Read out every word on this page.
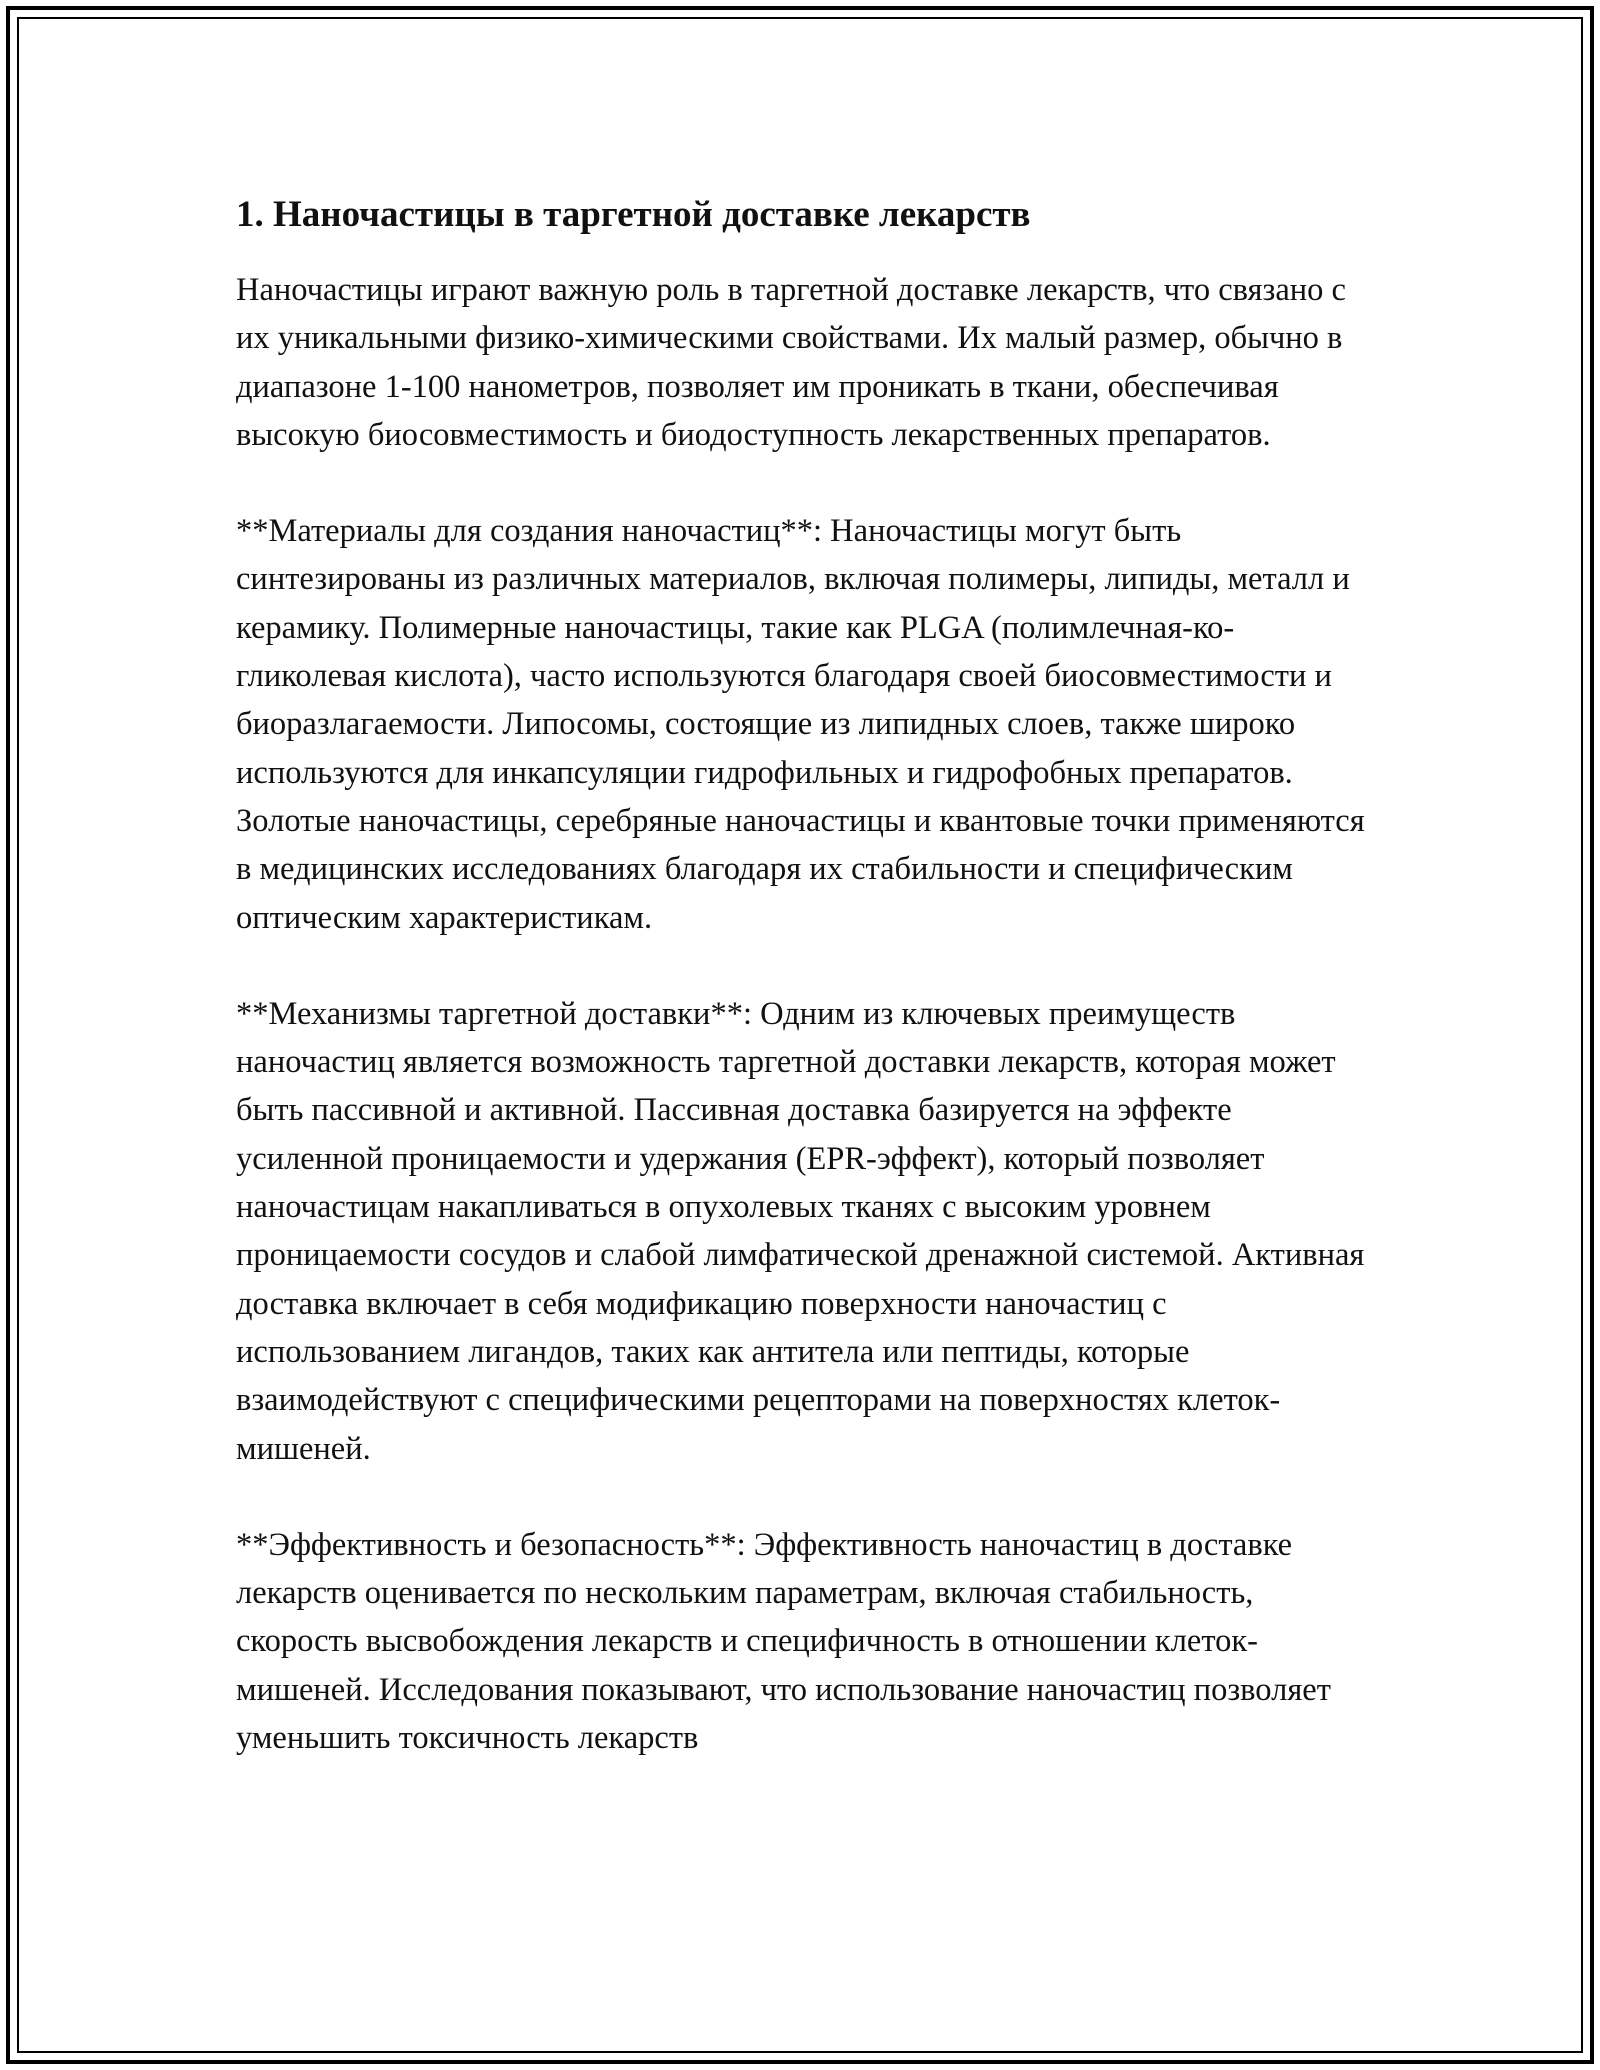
1. Наночастицы в таргетной доставке лекарств

Наночастицы играют важную роль в таргетной доставке лекарств, что связано с их уникальными физико-химическими свойствами. Их малый размер, обычно в диапазоне 1-100 нанометров, позволяет им проникать в ткани, обеспечивая высокую биосовместимость и биодоступность лекарственных препаратов.

**Материалы для создания наночастиц**: Наночастицы могут быть синтезированы из различных материалов, включая полимеры, липиды, металл и керамику. Полимерные наночастицы, такие как PLGA (полимлечная-ко-гликолевая кислота), часто используются благодаря своей биосовместимости и биоразлагаемости. Липосомы, состоящие из липидных слоев, также широко используются для инкапсуляции гидрофильных и гидрофобных препаратов. Золотые наночастицы, серебряные наночастицы и квантовые точки применяются в медицинских исследованиях благодаря их стабильности и специфическим оптическим характеристикам.

**Механизмы таргетной доставки**: Одним из ключевых преимуществ наночастиц является возможность таргетной доставки лекарств, которая может быть пассивной и активной. Пассивная доставка базируется на эффекте усиленной проницаемости и удержания (EPR-эффект), который позволяет наночастицам накапливаться в опухолевых тканях с высоким уровнем проницаемости сосудов и слабой лимфатической дренажной системой. Активная доставка включает в себя модификацию поверхности наночастиц с использованием лигандов, таких как антитела или пептиды, которые взаимодействуют с специфическими рецепторами на поверхностях клеток-мишеней.

**Эффективность и безопасность**: Эффективность наночастиц в доставке лекарств оценивается по нескольким параметрам, включая стабильность, скорость высвобождения лекарств и специфичность в отношении клеток-мишеней. Исследования показывают, что использование наночастиц позволяет уменьшить токсичность лекарств
